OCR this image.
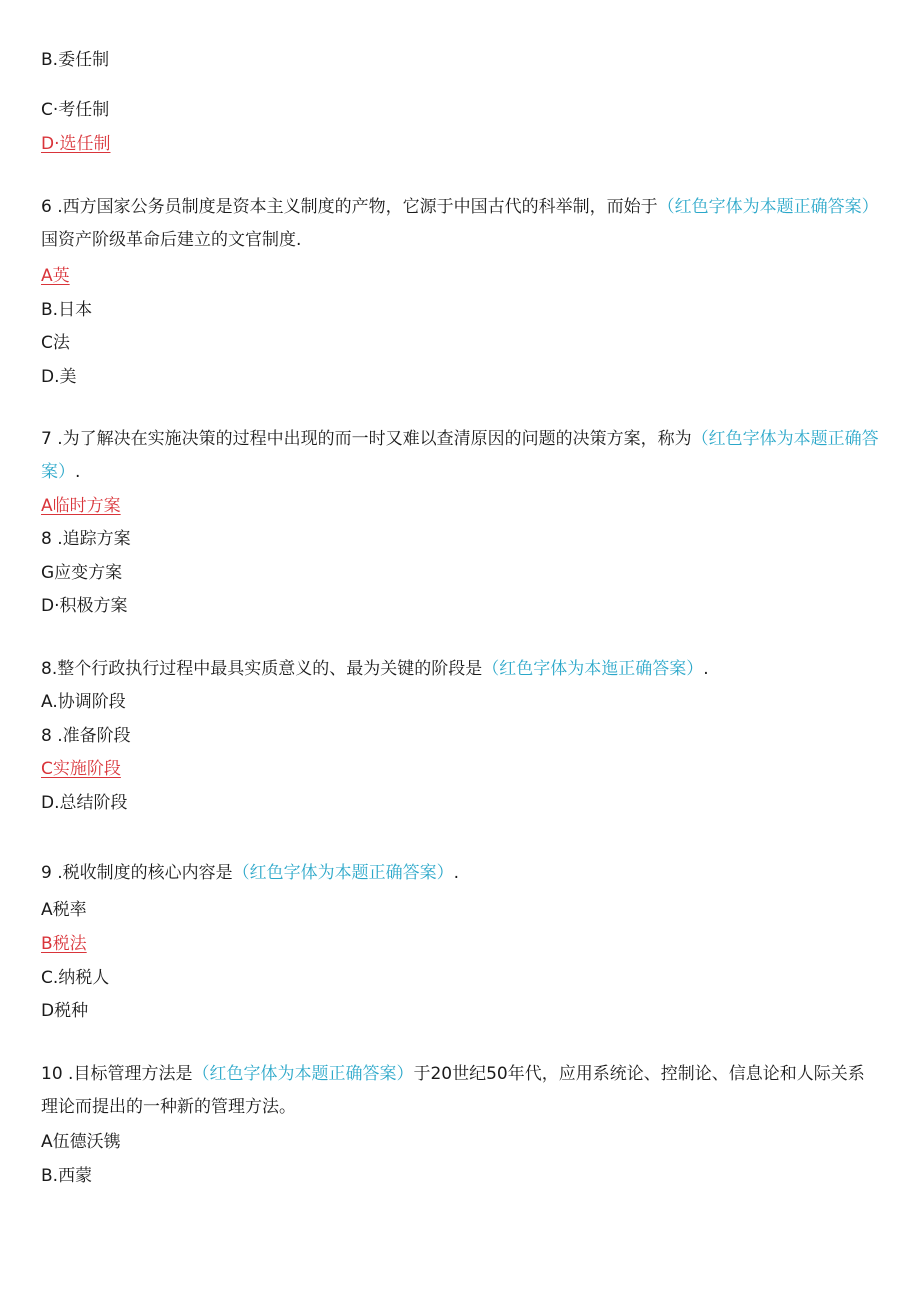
B.委任制
C·考任制
D·选任制
6 .西方国家公务员制度是资本主义制度的产物，它源于中国古代的科举制，而始于（红色字体为本题正确答案）国资产阶级革命后建立的文官制度.
A英
B.日本
C法
D.美
7 .为了解决在实施决策的过程中出现的而一时又难以查清原因的问题的决策方案，称为（红色字体为本题正确答案）.
A临时方案
8 .追踪方案
G应变方案
D·积极方案
8.整个行政执行过程中最具实质意义的、最为关键的阶段是（红色字体为本迤正确答案）.
A.协调阶段
8 .准备阶段
C实施阶段
D.总结阶段
9 .税收制度的核心内容是（红色字体为本题正确答案）.
A税率
B税法
C.纳税人
D税种
10 .目标管理方法是（红色字体为本题正确答案）于20世纪50年代，应用系统论、控制论、信息论和人际关系理论而提出的一种新的管理方法。
A伍德沃镌
B.西蒙
